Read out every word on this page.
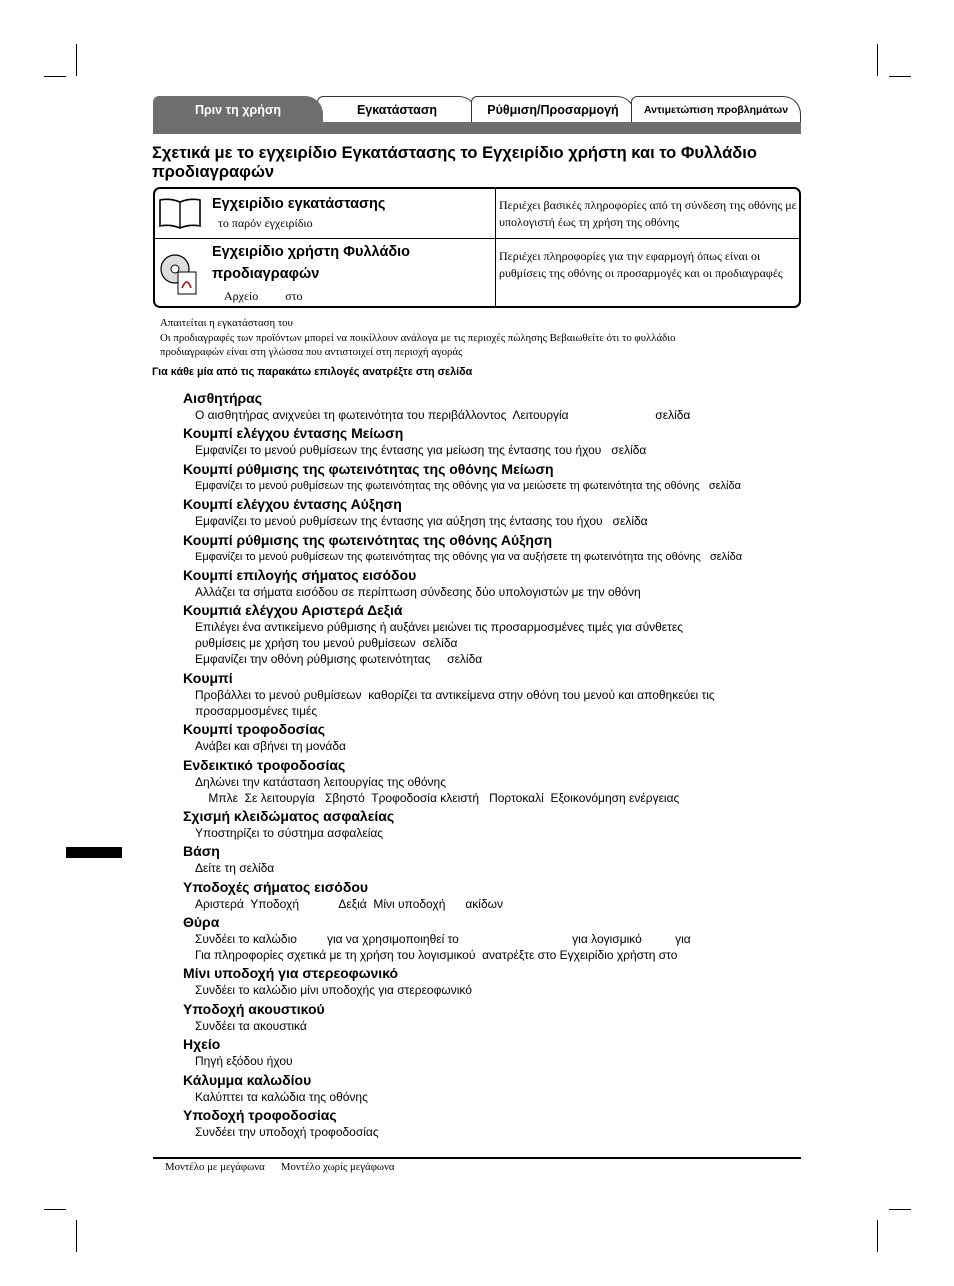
Πριν τη χρήση	Εγκατάσταση	Ρύθμιση/Προσαρμογή	Αντιμετώπιση προβλημάτων
Σχετικά με το εγχειρίδιο Εγκατάστασης το Εγχειρίδιο χρήστη και το Φυλλάδιο προδιαγραφών
Εγχειρίδιο εγκατάστασης
το παρόν εγχειρίδιο
Περιέχει βασικές πληροφορίες από τη σύνδεση της οθόνης με υπολογιστή έως τη χρήση της οθόνης
Εγχειρίδιο χρήστη Φυλλάδιο
προδιαγραφών
Αρχείο         στο
Περιέχει πληροφορίες για την εφαρμογή όπως είναι οι ρυθμίσεις της οθόνης οι προσαρμογές και οι προδιαγραφές
Απαιτείται η εγκατάσταση του
Οι προδιαγραφές των προϊόντων μπορεί να ποικίλλουν ανάλογα με τις περιοχές πώλησης Βεβαιωθείτε ότι το φυλλάδιο
προδιαγραφών είναι στη γλώσσα που αντιστοιχεί στη περιοχή αγοράς
Για κάθε μία από τις παρακάτω επιλογές ανατρέξτε στη σελίδα
Αισθητήρας
Ο αισθητήρας ανιχνεύει τη φωτεινότητα του περιβάλλοντος  Λειτουργία                          σελίδα
Κουμπί ελέγχου έντασης Μείωση
Εμφανίζει το μενού ρυθμίσεων της έντασης για μείωση της έντασης του ήχου   σελίδα
Κουμπί ρύθμισης της φωτεινότητας της οθόνης Μείωση
Εμφανίζει το μενού ρυθμίσεων της φωτεινότητας της οθόνης για να μειώσετε τη φωτεινότητα της οθόνης   σελίδα
Κουμπί ελέγχου έντασης Αύξηση
Εμφανίζει το μενού ρυθμίσεων της έντασης για αύξηση της έντασης του ήχου   σελίδα
Κουμπί ρύθμισης της φωτεινότητας της οθόνης Αύξηση
Εμφανίζει το μενού ρυθμίσεων της φωτεινότητας της οθόνης για να αυξήσετε τη φωτεινότητα της οθόνης   σελίδα
Κουμπί επιλογής σήματος εισόδου
Αλλάζει τα σήματα εισόδου σε περίπτωση σύνδεσης δύο υπολογιστών με την οθόνη
Κουμπιά ελέγχου Αριστερά Δεξιά
Επιλέγει ένα αντικείμενο ρύθμισης ή αυξάνει μειώνει τις προσαρμοσμένες τιμές για σύνθετες
ρυθμίσεις με χρήση του μενού ρυθμίσεων  σελίδα
Εμφανίζει την οθόνη ρύθμισης φωτεινότητας     σελίδα
Κουμπί
Προβάλλει το μενού ρυθμίσεων  καθορίζει τα αντικείμενα στην οθόνη του μενού και αποθηκεύει τις
προσαρμοσμένες τιμές
Κουμπί τροφοδοσίας
Ανάβει και σβήνει τη μονάδα
Ενδεικτικό τροφοδοσίας
Δηλώνει την κατάσταση λειτουργίας της οθόνης
Μπλε  Σε λειτουργία   Σβηστό  Τροφοδοσία κλειστή   Πορτοκαλί  Εξοικονόμηση ενέργειας
Σχισμή κλειδώματος ασφαλείας
Υποστηρίζει το σύστημα ασφαλείας
Βάση
Δείτε τη σελίδα
Υποδοχές σήματος εισόδου
Αριστερά  Υποδοχή            Δεξιά  Μίνι υποδοχή      ακίδων
Θύρα
Συνδέει το καλώδιο         για να χρησιμοποιηθεί το                                  για λογισμικό          για
Για πληροφορίες σχετικά με τη χρήση του λογισμικού  ανατρέξτε στο Εγχειρίδιο χρήστη στο
Μίνι υποδοχή για στερεοφωνικό
Συνδέει το καλώδιο μίνι υποδοχής για στερεοφωνικό
Υποδοχή ακουστικού
Συνδέει τα ακουστικά
Ηχείο
Πηγή εξόδου ήχου
Κάλυμμα καλωδίου
Καλύπτει τα καλώδια της οθόνης
Υποδοχή τροφοδοσίας
Συνδέει την υποδοχή τροφοδοσίας
Μοντέλο με μεγάφωνα      Μοντέλο χωρίς μεγάφωνα
